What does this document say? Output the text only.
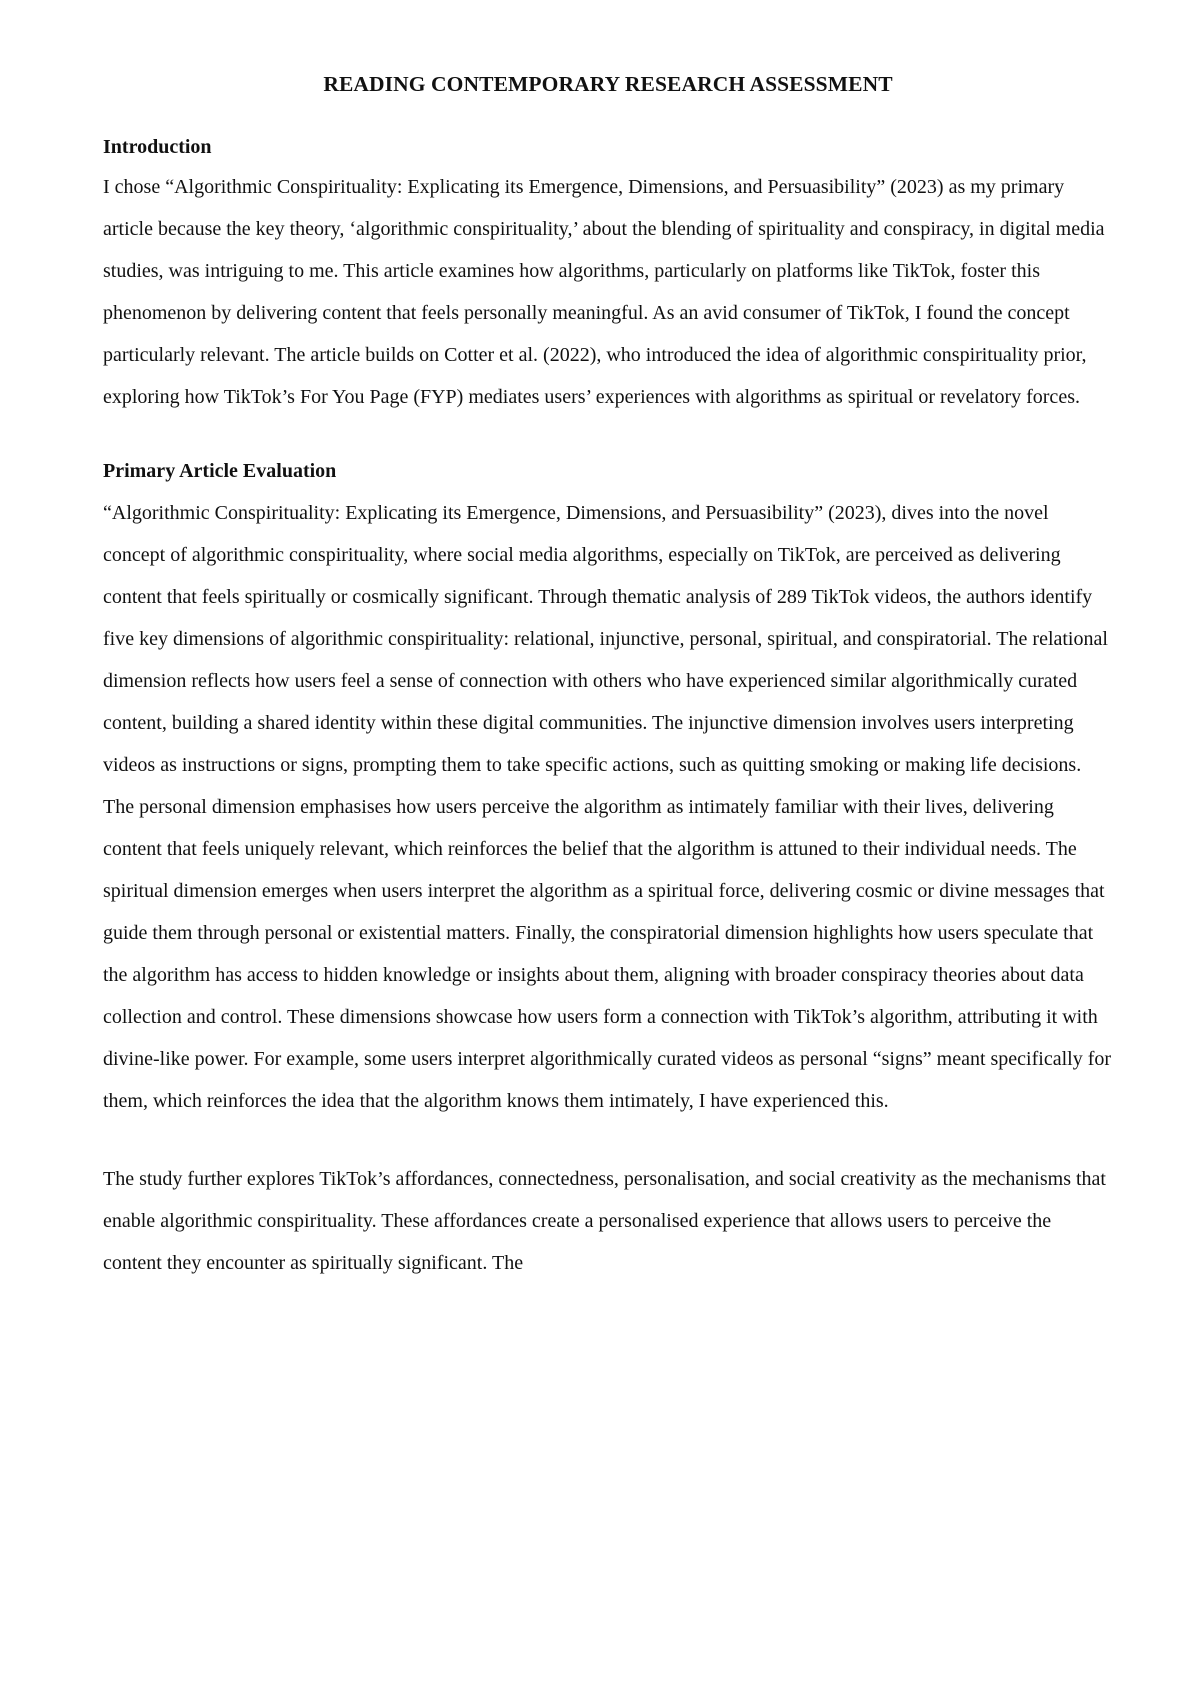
READING CONTEMPORARY RESEARCH ASSESSMENT
Introduction

I chose “Algorithmic Conspirituality: Explicating its Emergence, Dimensions, and Persuasibility” (2023) as my primary article because the key theory, ‘algorithmic conspirituality,’ about the blending of spirituality and conspiracy, in digital media studies, was intriguing to me. This article examines how algorithms, particularly on platforms like TikTok, foster this phenomenon by delivering content that feels personally meaningful. As an avid consumer of TikTok, I found the concept particularly relevant. The article builds on Cotter et al. (2022), who introduced the idea of algorithmic conspirituality prior, exploring how TikTok’s For You Page (FYP) mediates users’ experiences with algorithms as spiritual or revelatory forces.

Primary Article Evaluation

“Algorithmic Conspirituality: Explicating its Emergence, Dimensions, and Persuasibility” (2023), dives into the novel concept of algorithmic conspirituality, where social media algorithms, especially on TikTok, are perceived as delivering content that feels spiritually or cosmically significant. Through thematic analysis of 289 TikTok videos, the authors identify five key dimensions of algorithmic conspirituality: relational, injunctive, personal, spiritual, and conspiratorial. The relational dimension reflects how users feel a sense of connection with others who have experienced similar algorithmically curated content, building a shared identity within these digital communities. The injunctive dimension involves users interpreting videos as instructions or signs, prompting them to take specific actions, such as quitting smoking or making life decisions. The personal dimension emphasises how users perceive the algorithm as intimately familiar with their lives, delivering content that feels uniquely relevant, which reinforces the belief that the algorithm is attuned to their individual needs. The spiritual dimension emerges when users interpret the algorithm as a spiritual force, delivering cosmic or divine messages that guide them through personal or existential matters. Finally, the conspiratorial dimension highlights how users speculate that the algorithm has access to hidden knowledge or insights about them, aligning with broader conspiracy theories about data collection and control. These dimensions showcase how users form a connection with TikTok’s algorithm, attributing it with divine-like power. For example, some users interpret algorithmically curated videos as personal “signs” meant specifically for them, which reinforces the idea that the algorithm knows them intimately, I have experienced this.

The study further explores TikTok’s affordances, connectedness, personalisation, and social creativity as the mechanisms that enable algorithmic conspirituality. These affordances create a personalised experience that allows users to perceive the content they encounter as spiritually significant. The
